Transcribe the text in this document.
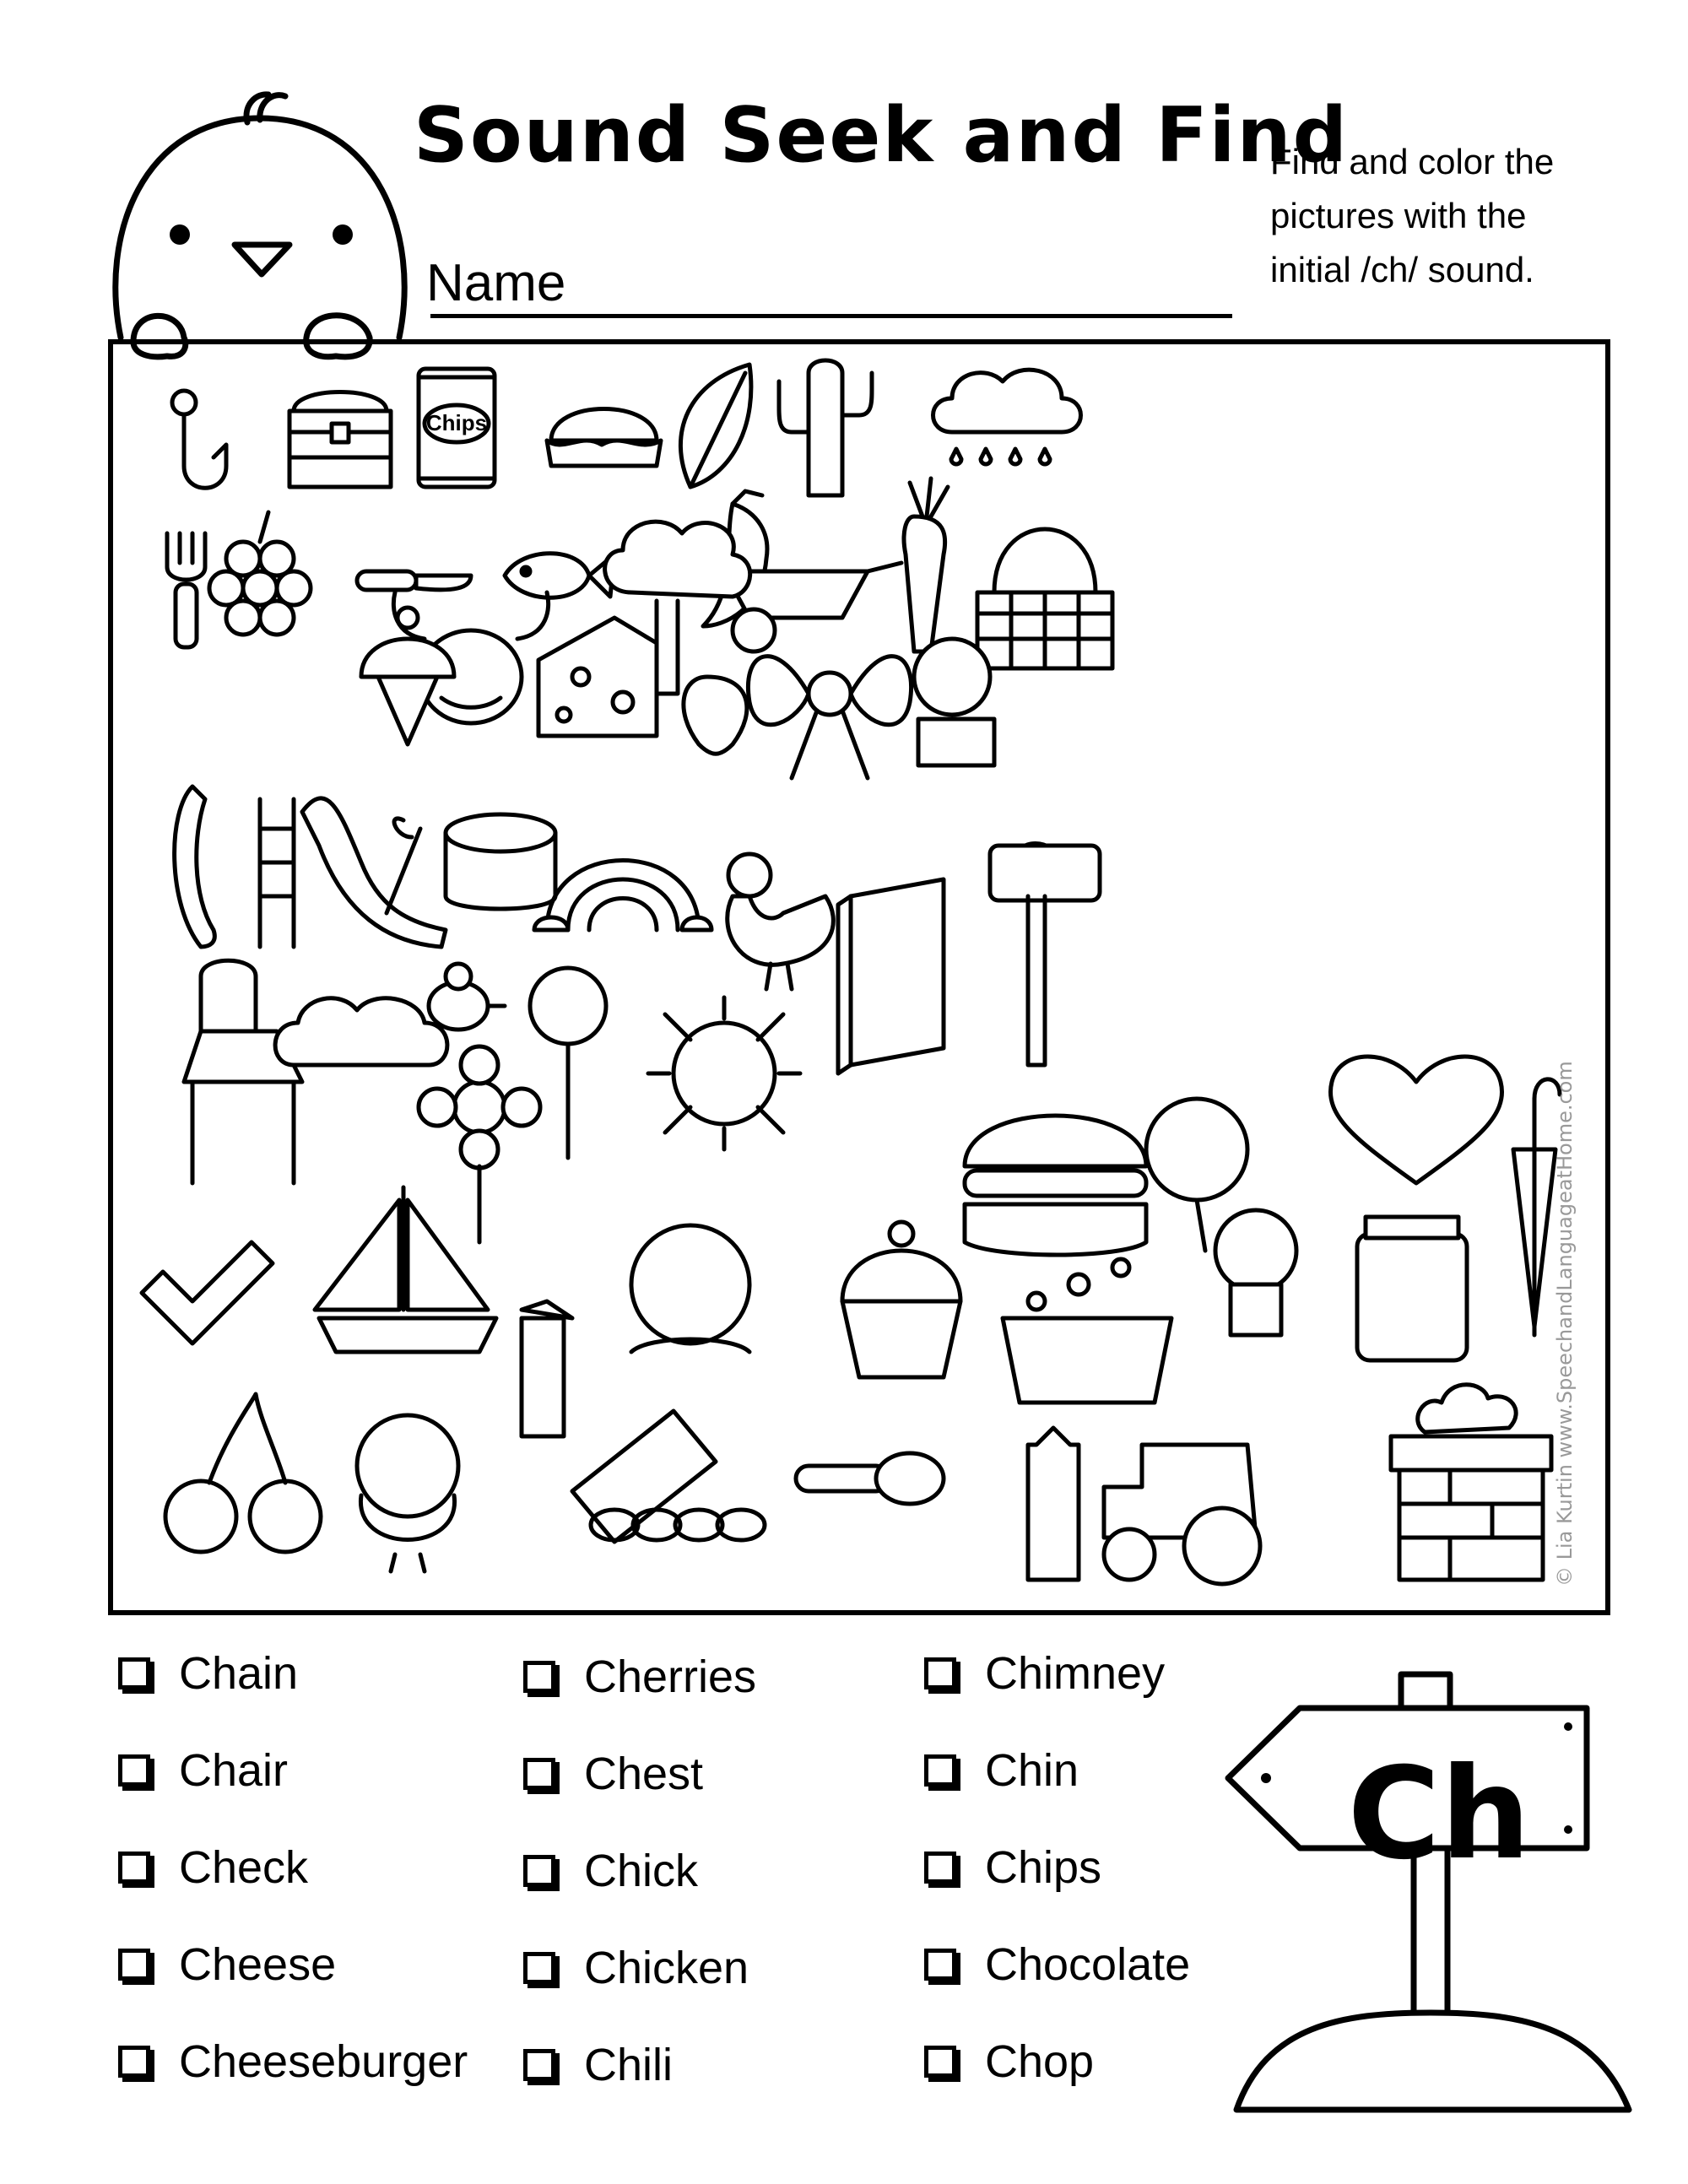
Sound Seek and Find
Find and color the
pictures with the
initial /ch/ sound.
Name
Chips
© Lia Kurtin www.SpeechandLanguageatHome.com
Chain
Chair
Check
Cheese
Cheeseburger
Cherries
Chest
Chick
Chicken
Chili
Chimney
Chin
Chips
Chocolate
Chop
Ch
